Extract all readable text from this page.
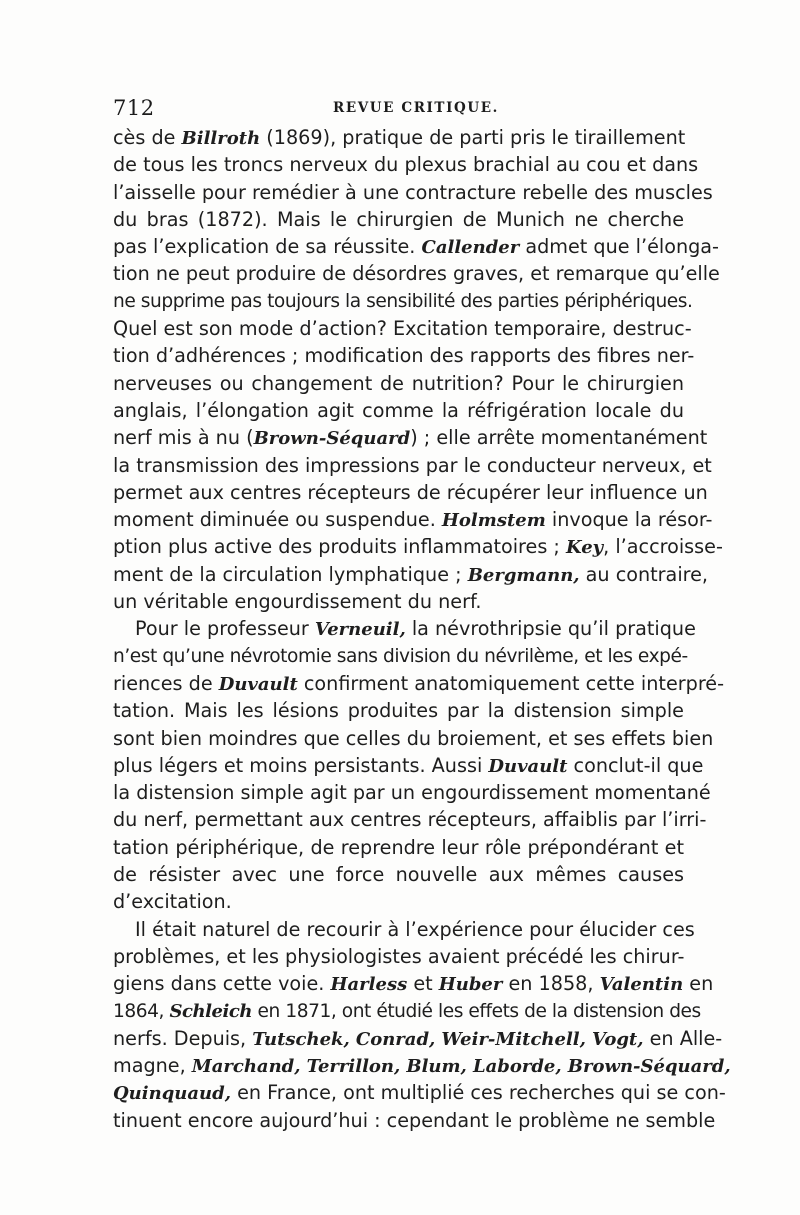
712	REVUE CRITIQUE.
cès de Billroth (1869), pratique de parti pris le tiraillement
de tous les troncs nerveux du plexus brachial au cou et dans
l’aisselle pour remédier à une contracture rebelle des muscles
du bras (1872). Mais le chirurgien de Munich ne cherche
pas l’explication de sa réussite. Callender admet que l’élonga-
tion ne peut produire de désordres graves, et remarque qu’elle
ne supprime pas toujours la sensibilité des parties périphériques.
Quel est son mode d’action? Excitation temporaire, destruc-
tion d’adhérences ; modification des rapports des fibres ner-
nerveuses ou changement de nutrition? Pour le chirurgien
anglais, l’élongation agit comme la réfrigération locale du
nerf mis à nu (Brown-Séquard) ; elle arrête momentanément
la transmission des impressions par le conducteur nerveux, et
permet aux centres récepteurs de récupérer leur influence un
moment diminuée ou suspendue. Holmstem invoque la résor-
ption plus active des produits inflammatoires ; Key, l’accroisse-
ment de la circulation lymphatique ; Bergmann, au contraire,
un véritable engourdissement du nerf.
Pour le professeur Verneuil, la névrothripsie qu’il pratique
n’est qu’une névrotomie sans division du névrilème, et les expé-
riences de Duvault confirment anatomiquement cette interpré-
tation. Mais les lésions produites par la distension simple
sont bien moindres que celles du broiement, et ses effets bien
plus légers et moins persistants. Aussi Duvault conclut-il que
la distension simple agit par un engourdissement momentané
du nerf, permettant aux centres récepteurs, affaiblis par l’irri-
tation périphérique, de reprendre leur rôle prépondérant et
de résister avec une force nouvelle aux mêmes causes
d’excitation.
Il était naturel de recourir à l’expérience pour élucider ces
problèmes, et les physiologistes avaient précédé les chirur-
giens dans cette voie. Harless et Huber en 1858, Valentin en
1864, Schleich en 1871, ont étudié les effets de la distension des
nerfs. Depuis, Tutschek, Conrad, Weir-Mitchell, Vogt, en Alle-
magne, Marchand, Terrillon, Blum, Laborde, Brown-Séquard,
Quinquaud, en France, ont multiplié ces recherches qui se con-
tinuent encore aujourd’hui : cependant le problème ne semble
